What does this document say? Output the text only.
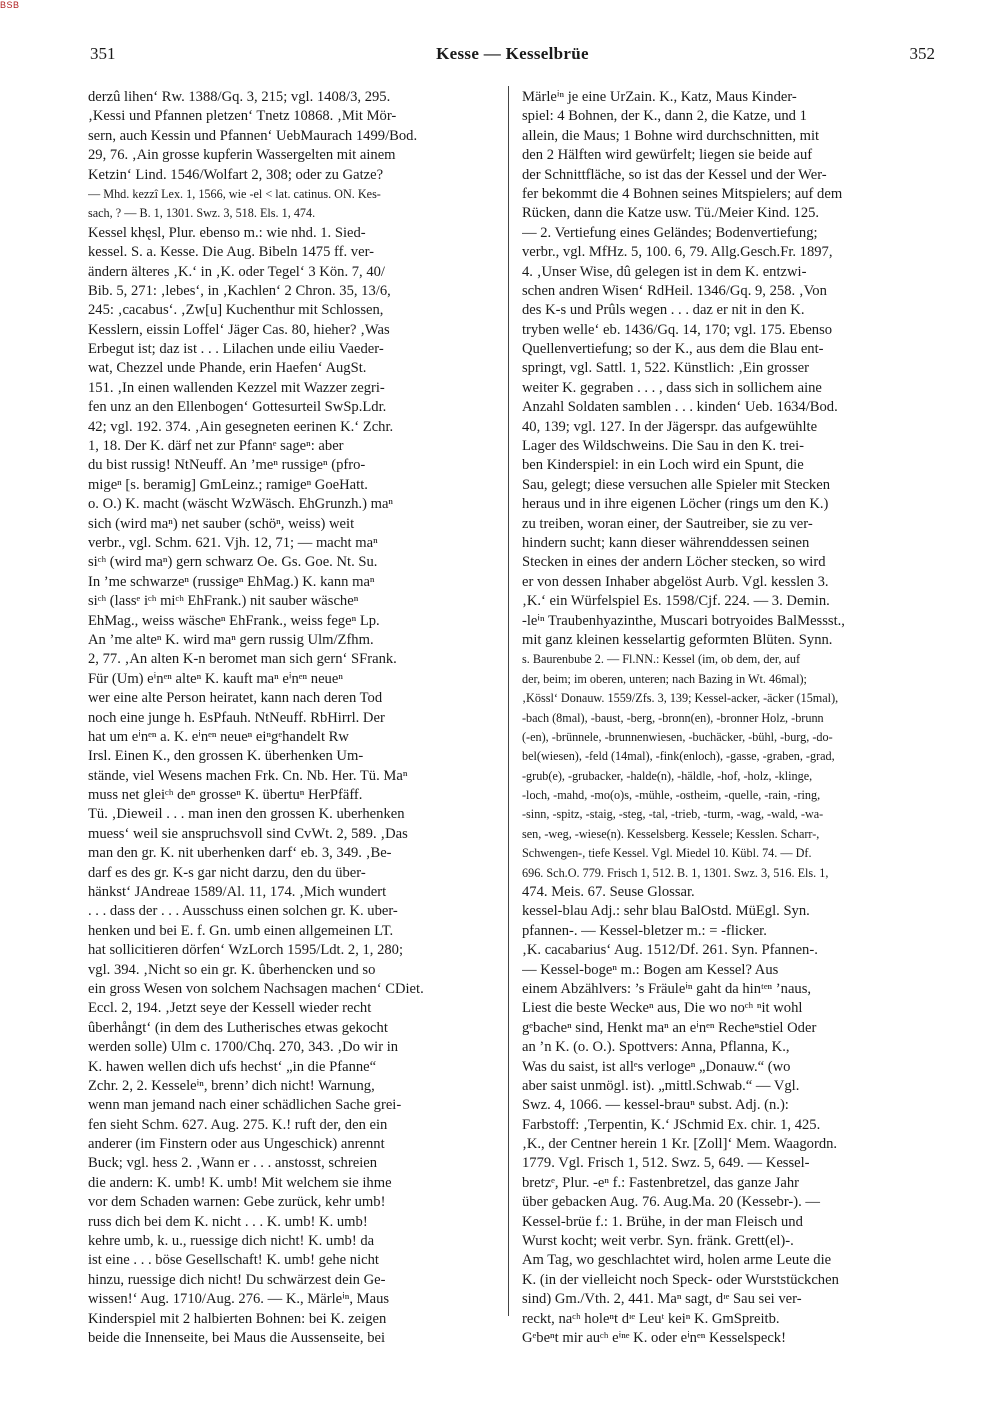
BSB
351	Kesse — Kesselbrüe	352
derzû lihen‘ Rw. 1388/Gq. 3, 215; vgl. 1408/3, 295.
‚Kessi und Pfannen pletzen‘ Tnetz 10868. ‚Mit Mör-
sern, auch Kessin und Pfannen‘ UebMaurach 1499/Bod.
29, 76. ‚Ain grosse kupferin Wassergelten mit ainem
Ketzin‘ Lind. 1546/Wolfart 2, 308; oder zu Gatze?
— Mhd. kezzî Lex. 1, 1566, wie -el < lat. catinus. ON. Kes-
sach, ? — B. 1, 1301. Swz. 3, 518. Els. 1, 474.
Kessel khęsl, Plur. ebenso m.: wie nhd. 1. Sied-
kessel. S. a. Kesse. Die Aug. Bibeln 1475 ff. ver-
ändern älteres ‚K.‘ in ‚K. oder Tegel‘ 3 Kön. 7, 40/
Bib. 5, 271: ‚lebes‘, in ‚Kachlen‘ 2 Chron. 35, 13/6,
245: ‚cacabus‘. ‚Zw[u] Kuchenthur mit Schlossen,
Kesslern, eissin Loffel‘ Jäger Cas. 80, hieher? ‚Was
Erbegut ist; daz ist . . . Lilachen unde eiliu Vaeder-
wat, Chezzel unde Phande, erin Haefen‘ AugSt.
151. ‚In einen wallenden Kezzel mit Wazzer zegri-
fen unz an den Ellenbogen‘ Gottesurteil SwSp.Ldr.
42; vgl. 192. 374. ‚Ain gesegneten eerinen K.‘ Zchr.
1, 18. Der K. därf net zur Pfannᵉ sageⁿ: aber
du bist russig! NtNeuff. An ’meⁿ russigeⁿ (pfro-
migeⁿ [s. beramig] GmLeinz.; ramigeⁿ GoeHatt.
o. O.) K. macht (wäscht WzWäsch. EhGrunzh.) maⁿ
sich (wird maⁿ) net sauber (schöⁿ, weiss) weit
verbr., vgl. Schm. 621. Vjh. 12, 71; — macht maⁿ
siᶜʰ (wird maⁿ) gern schwarz Oe. Gs. Goe. Nt. Su.
In ’me schwarzeⁿ (russigeⁿ EhMag.) K. kann maⁿ
siᶜʰ (lassᵉ iᶜʰ miᶜʰ EhFrank.) nit sauber wäscheⁿ
EhMag., weiss wäscheⁿ EhFrank., weiss fegeⁿ Lp.
An ’me alteⁿ K. wird maⁿ gern russig Ulm/Zfhm.
2, 77. ‚An alten K-n beromet man sich gern‘ SFrank.
Für (Um) eⁱnᵉⁿ alteⁿ K. kauft maⁿ eⁱnᵉⁿ neueⁿ
wer eine alte Person heiratet, kann nach deren Tod
noch eine junge h. EsPfauh. NtNeuff. RbHirrl. Der
hat um eⁱnᵉⁿ a. K. eⁱnᵉⁿ neueⁿ eiⁿgᵉhandelt Rw
Irsl. Einen K., den grossen K. überhenken Um-
stände, viel Wesens machen Frk. Cn. Nb. Her. Tü. Maⁿ
muss net gleiᶜʰ deⁿ grosseⁿ K. übertuⁿ HerPfäff.
Tü. ‚Dieweil . . . man inen den grossen K. uberhenken
muess‘ weil sie anspruchsvoll sind CvWt. 2, 589. ‚Das
man den gr. K. nit uberhenken darf‘ eb. 3, 349. ‚Be-
darf es des gr. K-s gar nicht darzu, den du über-
hänkst‘ JAndreae 1589/Al. 11, 174. ‚Mich wundert
. . . dass der . . . Ausschuss einen solchen gr. K. uber-
henken und bei E. f. Gn. umb einen allgemeinen LT.
hat sollicitieren dörfen‘ WzLorch 1595/Ldt. 2, 1, 280;
vgl. 394. ‚Nicht so ein gr. K. ûberhencken und so
ein gross Wesen von solchem Nachsagen machen‘ CDiet.
Eccl. 2, 194. ‚Jetzt seye der Kessell wieder recht
ûberhångt‘ (in dem des Lutherisches etwas gekocht
werden solle) Ulm c. 1700/Chq. 270, 343. ‚Do wir in
K. hawen wellen dich ufs hechst‘ „in die Pfanne“
Zchr. 2, 2. Kesseleⁱⁿ, brenn’ dich nicht! Warnung,
wenn man jemand nach einer schädlichen Sache grei-
fen sieht Schm. 627. Aug. 275. K.! ruft der, den ein
anderer (im Finstern oder aus Ungeschick) anrennt
Buck; vgl. hess 2. ‚Wann er . . . anstosst, schreien
die andern: K. umb! K. umb! Mit welchem sie ihme
vor dem Schaden warnen: Gebe zurück, kehr umb!
russ dich bei dem K. nicht . . . K. umb! K. umb!
kehre umb, k. u., ruessige dich nicht! K. umb! da
ist eine . . . böse Gesellschaft! K. umb! gehe nicht
hinzu, ruessige dich nicht! Du schwärzest dein Ge-
wissen!‘ Aug. 1710/Aug. 276. — K., Märleⁱⁿ, Maus
Kinderspiel mit 2 halbierten Bohnen: bei K. zeigen
beide die Innenseite, bei Maus die Aussenseite, bei
Märleⁱⁿ je eine UrZain. K., Katz, Maus Kinder-
spiel: 4 Bohnen, der K., dann 2, die Katze, und 1
allein, die Maus; 1 Bohne wird durchschnitten, mit
den 2 Hälften wird gewürfelt; liegen sie beide auf
der Schnittfläche, so ist das der Kessel und der Wer-
fer bekommt die 4 Bohnen seines Mitspielers; auf dem
Rücken, dann die Katze usw. Tü./Meier Kind. 125.
— 2. Vertiefung eines Geländes; Bodenvertiefung;
verbr., vgl. MfHz. 5, 100. 6, 79. Allg.Gesch.Fr. 1897,
4. ‚Unser Wise, dû gelegen ist in dem K. entzwi-
schen andren Wisen‘ RdHeil. 1346/Gq. 9, 258. ‚Von
des K-s und Prûls wegen . . . daz er nit in den K.
tryben welle‘ eb. 1436/Gq. 14, 170; vgl. 175. Ebenso
Quellenvertiefung; so der K., aus dem die Blau ent-
springt, vgl. Sattl. 1, 522. Künstlich: ‚Ein grosser
weiter K. gegraben . . . , dass sich in sollichem aine
Anzahl Soldaten samblen . . . kinden‘ Ueb. 1634/Bod.
40, 139; vgl. 127. In der Jägerspr. das aufgewühlte
Lager des Wildschweins. Die Sau in den K. trei-
ben Kinderspiel: in ein Loch wird ein Spunt, die
Sau, gelegt; diese versuchen alle Spieler mit Stecken
heraus und in ihre eigenen Löcher (rings um den K.)
zu treiben, woran einer, der Sautreiber, sie zu ver-
hindern sucht; kann dieser währenddessen seinen
Stecken in eines der andern Löcher stecken, so wird
er von dessen Inhaber abgelöst Aurb. Vgl. kesslen 3.
‚K.‘ ein Würfelspiel Es. 1598/Cjf. 224. — 3. Demin.
-leⁱⁿ Traubenhyazinthe, Muscari botryoides BalMessst.,
mit ganz kleinen kesselartig geformten Blüten. Synn.
s. Baurenbube 2. — Fl.NN.: Kessel (im, ob dem, der, auf
der, beim; im oberen, unteren; nach Bazing in Wt. 46mal);
‚Kössl‘ Donauw. 1559/Zfs. 3, 139; Kessel-acker, -äcker (15mal),
-bach (8mal), -baust, -berg, -bronn(en), -bronner Holz, -brunn
(-en), -brünnele, -brunnenwiesen, -buchäcker, -bühl, -burg, -do-
bel(wiesen), -feld (14mal), -fink(enloch), -gasse, -graben, -grad,
-grub(e), -grubacker, -halde(n), -häldle, -hof, -holz, -klinge,
-loch, -mahd, -mo(o)s, -mühle, -ostheim, -quelle, -rain, -ring,
-sinn, -spitz, -staig, -steg, -tal, -trieb, -turm, -wag, -wald, -wa-
sen, -weg, -wiese(n). Kesselsberg. Kessele; Kesslen. Scharr-,
Schwengen-, tiefe Kessel. Vgl. Miedel 10. Kübl. 74. — Df.
696. Sch.O. 779. Frisch 1, 512. B. 1, 1301. Swz. 3, 516. Els. 1,
474. Meis. 67. Seuse Glossar.
kessel-blau Adj.: sehr blau BalOstd. MüEgl. Syn.
pfannen-. — Kessel-bletzer m.: = -flicker.
‚K. cacabarius‘ Aug. 1512/Df. 261. Syn. Pfannen-.
— Kessel-bogeⁿ m.: Bogen am Kessel? Aus
einem Abzählvers: ’s Fräuleⁱⁿ gaht da hinᵗᵉⁿ ’naus,
Liest die beste Weckeⁿ aus, Die wo noᶜʰ ⁿit wohl
gᵉbacheⁿ sind, Henkt maⁿ an eⁱnᵉⁿ Recheⁿstiel Oder
an ’n K. (o. O.). Spottvers: Anna, Pflanna, K.,
Was du saist, ist allᵉs verlogeⁿ „Donauw.“ (wo
aber saist unmögl. ist). „mittl.Schwab.“ — Vgl.
Swz. 4, 1066. — kessel-brauⁿ subst. Adj. (n.):
Farbstoff: ‚Terpentin, K.‘ JSchmid Ex. chir. 1, 425.
‚K., der Centner herein 1 Kr. [Zoll]‘ Mem. Waagordn.
1779. Vgl. Frisch 1, 512. Swz. 5, 649. — Kessel-
bretzᵉ, Plur. -eⁿ f.: Fastenbretzel, das ganze Jahr
über gebacken Aug. 76. Aug.Ma. 20 (Kessebr-). —
Kessel-brüe f.: 1. Brühe, in der man Fleisch und
Wurst kocht; weit verbr. Syn. fränk. Grett(el)-.
Am Tag, wo geschlachtet wird, holen arme Leute die
K. (in der vielleicht noch Speck- oder Wurststückchen
sind) Gm./Vth. 2, 441. Maⁿ sagt, dᶦᵉ Sau sei ver-
reckt, naᶜʰ holeⁿt dᶦᵉ Leuᵗ keiⁿ K. GmSpreitb.
Gᵉbeⁿt mir auᶜʰ eⁱⁿᵉ K. oder eⁱnᵉⁿ Kesselspeck!
